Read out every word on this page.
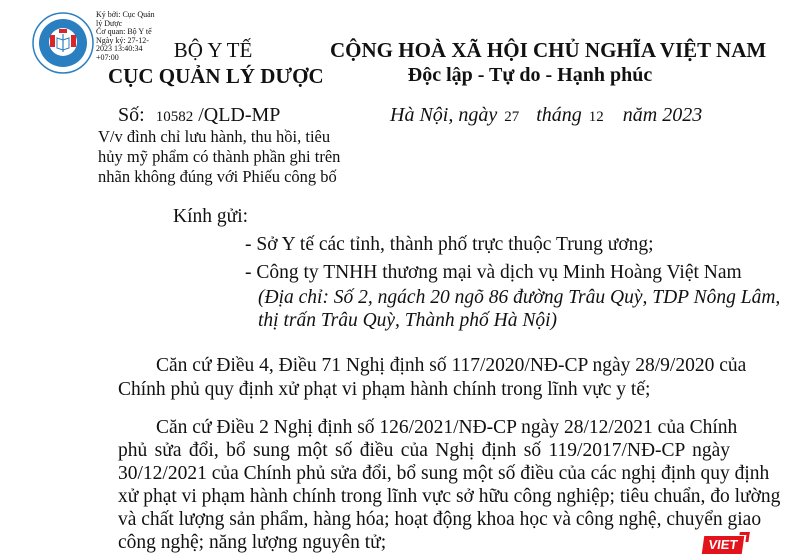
Ký bởi: Cục Quản
lý Dược
Cơ quan: Bộ Y tế
Ngày ký: 27-12-
2023 13:40:34
+07:00	BỘ Y TẾ
CỤC QUẢN LÝ DƯỢC
CỘNG HOÀ XÃ HỘI CHỦ NGHĨA VIỆT NAM
Độc lập - Tự do - Hạnh phúc
Số: 10582 /QLD-MP	Hà Nội, ngày 27 tháng 12 năm 2023
V/v đình chỉ lưu hành, thu hồi, tiêu
hủy mỹ phẩm có thành phần ghi trên
nhãn không đúng với Phiếu công bố
Kính gửi:
- Sở Y tế các tỉnh, thành phố trực thuộc Trung ương;
- Công ty TNHH thương mại và dịch vụ Minh Hoàng Việt Nam
(Địa chỉ: Số 2, ngách 20 ngõ 86 đường Trâu Quỳ, TDP Nông Lâm,
thị trấn Trâu Quỳ, Thành phố Hà Nội)
Căn cứ Điều 4, Điều 71 Nghị định số 117/2020/NĐ-CP ngày 28/9/2020 của
Chính phủ quy định xử phạt vi phạm hành chính trong lĩnh vực y tế;
Căn cứ Điều 2 Nghị định số 126/2021/NĐ-CP ngày 28/12/2021 của Chính
phủ sửa đổi, bổ sung một số điều của Nghị định số 119/2017/NĐ-CP ngày
30/12/2021 của Chính phủ sửa đổi, bổ sung một số điều của các nghị định quy định
xử phạt vi phạm hành chính trong lĩnh vực sở hữu công nghiệp; tiêu chuẩn, đo lường
và chất lượng sản phẩm, hàng hóa; hoạt động khoa học và công nghệ, chuyển giao
công nghệ; năng lượng nguyên tử;	VIET
